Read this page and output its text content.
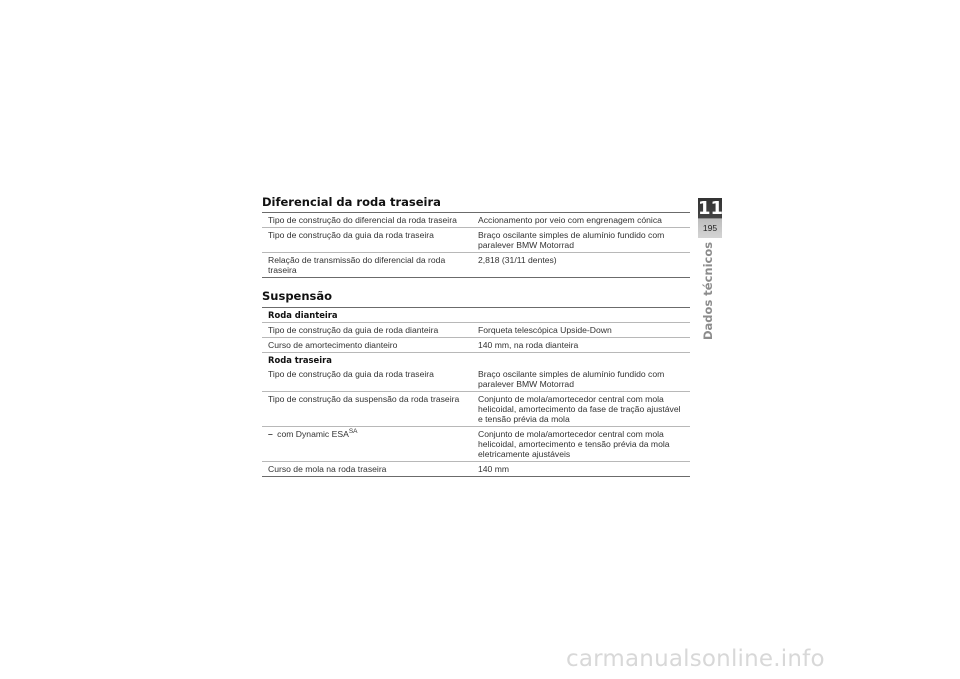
Diferencial da roda traseira
Tipo de construção do diferencial da roda traseira	Accionamento por veio com engrenagem cónica
Tipo de construção da guia da roda traseira	Braço oscilante simples de alumínio fundido com paralever BMW Motorrad
Relação de transmissão do diferencial da roda traseira	2,818 (31/11 dentes)
Suspensão
Roda dianteira	
Tipo de construção da guia de roda dianteira	Forqueta telescópica Upside-Down
Curso de amortecimento dianteiro	140 mm, na roda dianteira
Roda traseira	
Tipo de construção da guia da roda traseira	Braço oscilante simples de alumínio fundido com paralever BMW Motorrad
Tipo de construção da suspensão da roda traseira	Conjunto de mola/amortecedor central com mola helicoidal, amortecimento da fase de tração ajustável e tensão prévia da mola
– com Dynamic $ESA^{SA}$	Conjunto de mola/amortecedor central com mola helicoidal, amortecimento e tensão prévia da mola eletricamente ajustáveis
Curso de mola na roda traseira	140 mm
11
195
Dados técnicos
carmanualsonline.info
